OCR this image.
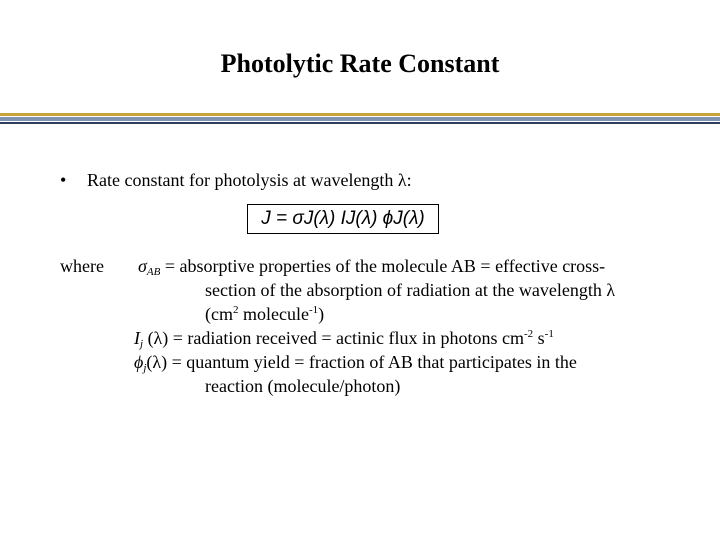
Photolytic Rate Constant
• Rate constant for photolysis at wavelength λ:
J = σJ(λ) IJ(λ) ϕJ(λ)
where $\sigma_{AB}$ = absorptive properties of the molecule AB = effective cross-
section of the absorption of radiation at the wavelength λ
($cm^2$ molecule$^{-1}$)
$I_j$ (λ) = radiation received = actinic flux in photons $cm^{-2}$ $s^{-1}$
$\phi_j(\lambda)$ = quantum yield = fraction of AB that participates in the
reaction (molecule/photon)
